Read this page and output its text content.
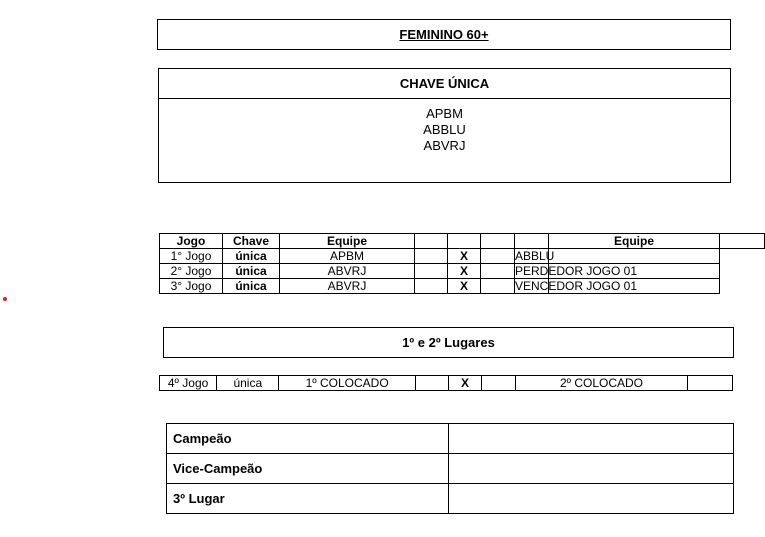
FEMININO 60+
CHAVE ÚNICA
APBM
ABBLU
ABVRJ
Jogo	Chave	Equipe					Equipe	
1° Jogo	única	APBM		X		ABBLU		
2° Jogo	única	ABVRJ		X		PERDEDOR JOGO 01		
3° Jogo	única	ABVRJ		X		VENCEDOR JOGO 01		
1º e 2º Lugares
4º Jogo	única	1º COLOCADO		X		2º COLOCADO	
Campeão	
Vice-Campeão	
3º Lugar	
